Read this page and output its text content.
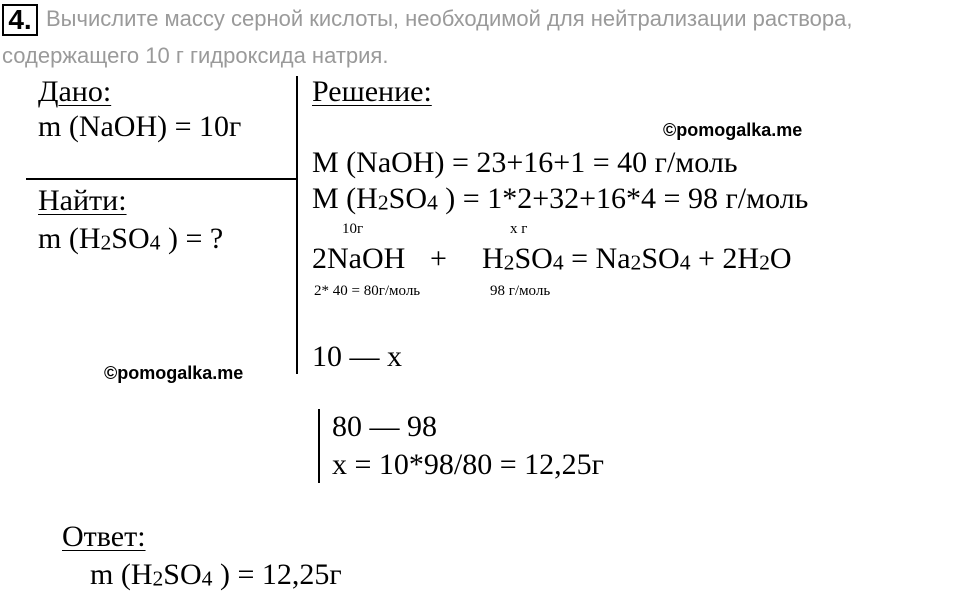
4. Вычислите массу серной кислоты, необходимой для нейтрализации раствора,
содержащего 10 г гидроксида натрия.
Дано:
m (NaOH) = 10г
Найти:
m ($H_2SO_4$ ) = ?
Решение:
©pomogalka.me
M (NaOH) = 23+16+1 = 40 г/моль
M ($H_2SO_4$ ) = 1*2+32+16*4 = 98 г/моль
10г	х г
2NaOH + $H_2SO_4 = Na_2SO_4 + 2H_2O$
2* 40 = 80г/моль	98 г/моль
10 — х
©pomogalka.me
80 — 98
х = 10*98/80 = 12,25г
Ответ:
m ($H_2SO_4$ ) = 12,25г
